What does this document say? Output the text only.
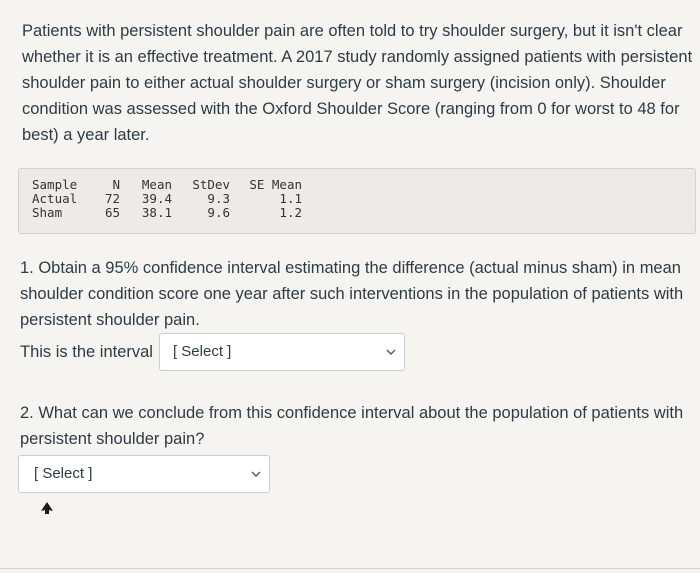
Patients with persistent shoulder pain are often told to try shoulder surgery, but it isn't clear whether it is an effective treatment. A 2017 study randomly assigned patients with persistent shoulder pain to either actual shoulder surgery or sham surgery (incision only). Shoulder condition was assessed with the Oxford Shoulder Score (ranging from 0 for worst to 48 for best) a year later.

Sample	N	Mean	StDev	SE Mean
Actual	72	39.4	9.3	1.1
Sham	65	38.1	9.6	1.2

1. Obtain a 95% confidence interval estimating the difference (actual minus sham) in mean shoulder condition score one year after such interventions in the population of patients with persistent shoulder pain.

This is the interval [ Select ]

2. What can we conclude from this confidence interval about the population of patients with persistent shoulder pain?

[ Select ]
